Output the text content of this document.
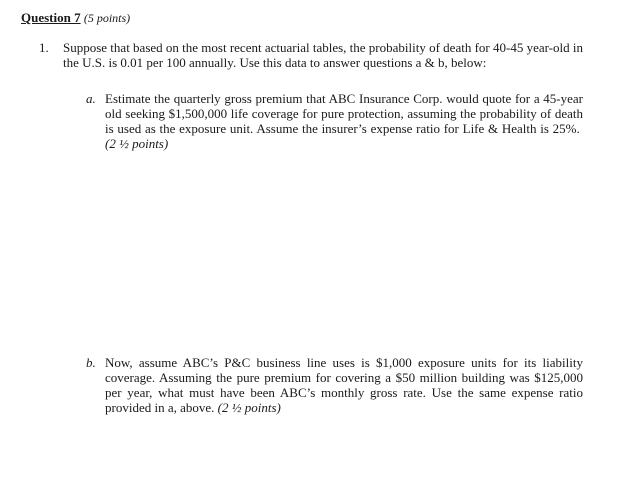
Question 7 (5 points)
1. Suppose that based on the most recent actuarial tables, the probability of death for 40-45 year-old in the U.S. is 0.01 per 100 annually. Use this data to answer questions a & b, below:
a. Estimate the quarterly gross premium that ABC Insurance Corp. would quote for a 45-year old seeking $1,500,000 life coverage for pure protection, assuming the probability of death is used as the exposure unit. Assume the insurer’s expense ratio for Life & Health is 25%.  (2 ½ points)
b. Now, assume ABC’s P&C business line uses is $1,000 exposure units for its liability coverage. Assuming the pure premium for covering a $50 million building was $125,000 per year, what must have been ABC’s monthly gross rate. Use the same expense ratio provided in a, above. (2 ½ points)
